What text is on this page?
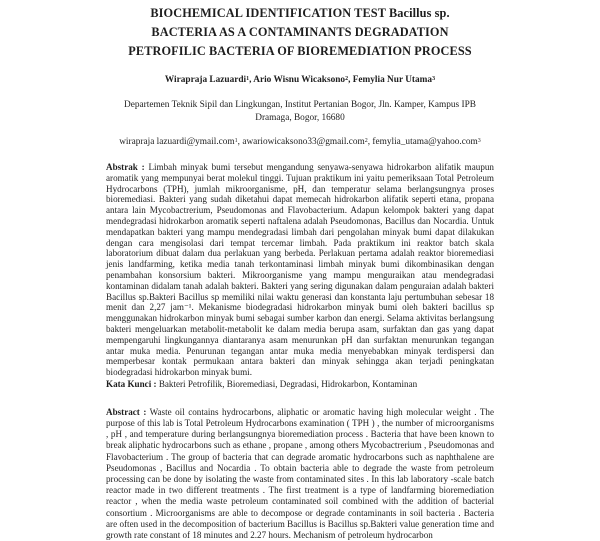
BIOCHEMICAL IDENTIFICATION TEST Bacillus sp.
BACTERIA AS A CONTAMINANTS DEGRADATION
PETROFILIC BACTERIA OF BIOREMEDIATION PROCESS
Wirapraja Lazuardi$^1$, Ario Wisnu Wicaksono$^2$, Femylia Nur Utama$^3$
Departemen Teknik Sipil dan Lingkungan, Institut Pertanian Bogor, Jln. Kamper, Kampus IPB
Dramaga, Bogor, 16680
wirapraja lazuardi@ymail.com$^1$, awariowicaksono33@gmail.com$^2$, femylia_utama@yahoo.com$^3$
Abstrak : Limbah minyak bumi tersebut mengandung senyawa-senyawa hidrokarbon alifatik maupun aromatik yang mempunyai berat molekul tinggi. Tujuan praktikum ini yaitu pemeriksaan Total Petroleum Hydrocarbons (TPH), jumlah mikroorganisme, pH, dan temperatur selama berlangsungnya proses bioremediasi. Bakteri yang sudah diketahui dapat memecah hidrokarbon alifatik seperti etana, propana antara lain Mycobactrerium, Pseudomonas and Flavobacterium. Adapun kelompok bakteri yang dapat mendegradasi hidrokarbon aromatik seperti naftalena adalah Pseudomonas, Bacillus dan Nocardia. Untuk mendapatkan bakteri yang mampu mendegradasi limbah dari pengolahan minyak bumi dapat dilakukan dengan cara mengisolasi dari tempat tercemar limbah. Pada praktikum ini reaktor batch skala laboratorium dibuat dalam dua perlakuan yang berbeda. Perlakuan pertama adalah reaktor bioremediasi jenis landfarming, ketika media tanah terkontaminasi limbah minyak bumi dikombinasikan dengan penambahan konsorsium bakteri. Mikroorganisme yang mampu menguraikan atau mendegradasi kontaminan didalam tanah adalah bakteri. Bakteri yang sering digunakan dalam penguraian adalah bakteri Bacillus sp.Bakteri Bacillus sp memiliki nilai waktu generasi dan konstanta laju pertumbuhan sebesar 18 menit dan 2,27 jam⁻¹. Mekanisme biodegradasi hidrokarbon minyak bumi oleh bakteri bacillus sp menggunakan hidrokarbon minyak bumi sebagai sumber karbon dan energi. Selama aktivitas berlangsung bakteri mengeluarkan metabolit-metabolit ke dalam media berupa asam, surfaktan dan gas yang dapat mempengaruhi lingkungannya diantaranya asam menurunkan pH dan surfaktan menurunkan tegangan antar muka media. Penurunan tegangan antar muka media menyebabkan minyak terdispersi dan memperbesar kontak permukaan antara bakteri dan minyak sehingga akan terjadi peningkatan biodegradasi hidrokarbon minyak bumi.
Kata Kunci : Bakteri Petrofilik, Bioremediasi, Degradasi, Hidrokarbon, Kontaminan
Abstract : Waste oil contains hydrocarbons, aliphatic or aromatic having high molecular weight . The purpose of this lab is Total Petroleum Hydrocarbons examination ( TPH ) , the number of microorganisms , pH , and temperature during berlangsungnya bioremediation process . Bacteria that have been known to break aliphatic hydrocarbons such as ethane , propane , among others Mycobactrerium , Pseudomonas and Flavobacterium . The group of bacteria that can degrade aromatic hydrocarbons such as naphthalene are Pseudomonas , Bacillus and Nocardia . To obtain bacteria able to degrade the waste from petroleum processing can be done by isolating the waste from contaminated sites . In this lab laboratory -scale batch reactor made in two different treatments . The first treatment is a type of landfarming bioremediation reactor , when the media waste petroleum contaminated soil combined with the addition of bacterial consortium . Microorganisms are able to decompose or degrade contaminants in soil bacteria . Bacteria are often used in the decomposition of bacterium Bacillus is Bacillus sp.Bakteri value generation time and growth rate constant of 18 minutes and 2.27 hours. Mechanism of petroleum hydrocarbon
